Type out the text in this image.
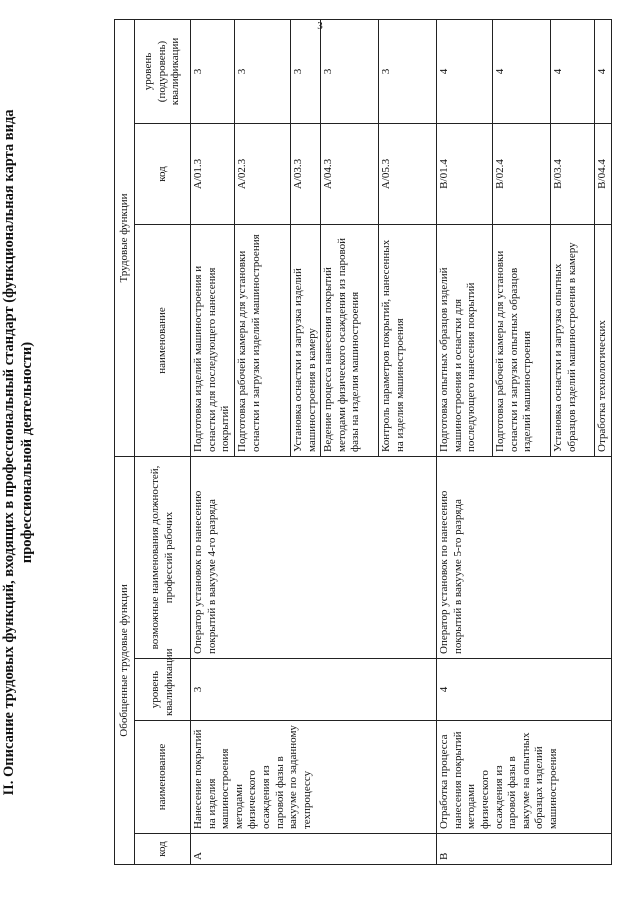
3
II. Описание трудовых функций, входящих в профессиональный стандарт (функциональная карта вида профессиональной деятельности)
Обобщенные трудовые функции				Трудовые функции		
код	наименование	уровень квалификации	возможные наименования должностей, профессий рабочих	наименование	код	уровень (подуровень) квалификации
А	Нанесение покрытий на изделия машиностроения методами физического осаждения из паровой фазы в вакууме по заданному техпроцессу	3	Оператор установок по нанесению покрытий в вакууме 4-го разряда	Подготовка изделий машиностроения и оснастки для последующего нанесения покрытий	A/01.3	3
				Подготовка рабочей камеры для установки оснастки и загрузки изделий машиностроения	A/02.3	3
				Установка оснастки и загрузка изделий машиностроения в камеру	A/03.3	3
				Ведение процесса нанесения покрытий методами физического осаждения из паровой фазы на изделия машиностроения	A/04.3	3
				Контроль параметров покрытий, нанесенных на изделия машиностроения	A/05.3	3
B	Отработка процесса нанесения покрытий методами физического осаждения из паровой фазы в вакууме на опытных образцах изделий машиностроения	4	Оператор установок по нанесению покрытий в вакууме 5-го разряда	Подготовка опытных образцов изделий машиностроения и оснастки для последующего нанесения покрытий	B/01.4	4
				Подготовка рабочей камеры для установки оснастки и загрузки опытных образцов изделий машиностроения	B/02.4	4
				Установка оснастки и загрузка опытных образцов изделий машиностроения в камеру	B/03.4	4
				Отработка технологических	B/04.4	4
